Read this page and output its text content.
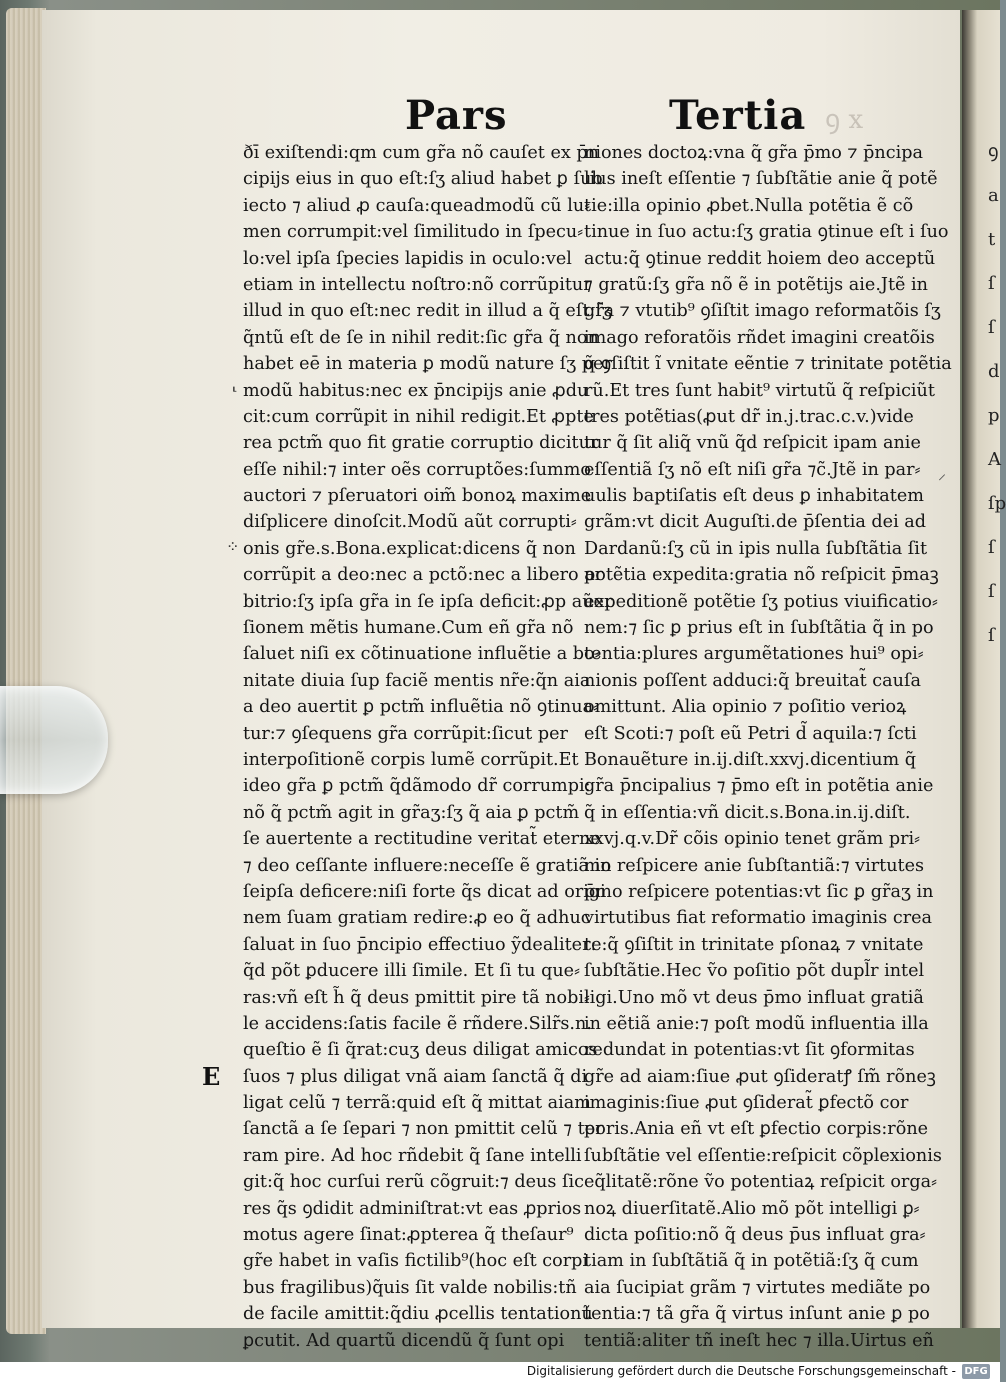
Pars	Tertia ꝯ x
ðī exiſtendi:qm cum gr̃a nõ cauſet ex p̄n
cipijs eius in quo eſt:ſʒ aliud habet ꝑ ſub
iecto ⁊ aliud ꝓ cauſa:queadmodũ cũ lu⸗
men corrumpit:vel ſimilitudo in ſpecu⸗
lo:vel ipſa ſpecies lapidis in oculo:vel
etiam in intellectu noſtro:nõ corrũpitur
illud in quo eſt:nec redit in illud a q̃ eſt:ſʒ
q̃ntũ eſt de ſe in nihil redit:ſic gr̃a q̃ non
habet eē in materia ꝑ modũ nature ſʒ per
modũ habitus:nec ex p̄ncipijs anie ꝓdu
cit:cum corrũpit in nihil redigit.Et ꝓpte
rea pctm̃ quo fit gratie corruptio dicitur
eſſe nihil:⁊ inter oẽs corruptões:ſummo
auctori ⁊ pſeruatori oim̃ bonoꝝ maxime
diſplicere dinoſcit.Modũ aũt corrupti⸗
onis gr̃e.s.Bona.explicat:dicens q̃ non
corrũpit a deo:nec a pctõ:nec a libero ar
bitrio:ſʒ ipſa gr̃a in ſe ipſa deficit:ꝓp aũer
ſionem mẽtis humane.Cum eñ gr̃a nõ
ſaluet niſi ex cõtinuatione influẽtie a bo⸗
nitate diuia ſup faciẽ mentis nr̃e:q̃n aia
a deo auertit ꝑ pctm̃ influẽtia nõ ꝯtinua⸗
tur:⁊ ꝯſequens gr̃a corrũpit:ſicut per
interpoſitionẽ corpis lumẽ corrũpit.Et
ideo gr̃a ꝑ pctm̃ q̃dãmodo dr̃ corrumpi:
nõ q̃ pctm̃ agit in gr̃aʒ:ſʒ q̃ aia ꝑ pctm̃
ſe auertente a rectitudine veritat̃ eterne
⁊ deo ceſſante influere:neceſſe ẽ gratiã in
ſeipſa deficere:niſi forte q̃s dicat ad origi
nem ſuam gratiam redire:ꝓ eo q̃ adhuc
ſaluat in ſuo p̄ncipio effectiuo ỹdealiter:
q̃d põt ꝑducere illi ſimile. Et ſi tu que⸗
ras:vñ eſt h̃ q̃ deus pmittit pire tã nobi⸗
le accidens:ſatis facile ẽ rñdere.Silr̃s.n.
queſtio ẽ ſi q̃rat:cuʒ deus diligat amicos
ſuos ⁊ plus diligat vnã aiam ſanctã q̃ di
ligat celũ ⁊ terrã:quid eſt q̃ mittat aiam
ſanctã a ſe ſepari ⁊ non pmittit celũ ⁊ ter
ram pire. Ad hoc rñdebit q̃ ſane intelli
git:q̃ hoc curſui rerũ cõgruit:⁊ deus ſic
res q̃s ꝯdidit adminiſtrat:vt eas ꝓprios
motus agere ſinat:ꝓpterea q̃ theſaur⁹
gr̃e habet in vaſis fictilib⁹(hoc eſt corpi
bus fragilibus)q̃uis ſit valde nobilis:tñ
de facile amittit:q̃diu ꝓcellis tentationũ
ꝑcutit. Ad quartũ dicendũ q̃ ſunt opi
niones doctoꝝ:vna q̃ gr̃a p̄mo ⁊ p̄ncipa
lius ineſt eſſentie ⁊ ſubſtãtie anie q̃ potẽ
tie:illa opinio ꝓbet.Nulla potẽtia ẽ cõ
tinue in ſuo actu:ſʒ gratia ꝯtinue eſt i ſuo
actu:q̃ ꝯtinue reddit hoiem deo acceptũ
⁊ gratũ:ſʒ gr̃a nõ ẽ in potẽtijs aie.Jtẽ in
gr̃a ⁊ vtutib⁹ ꝯſiſtit imago reformatõis ſʒ
imago reforatõis rñdet imagini creatõis
q̃ ꝯſiſtit ĩ vnitate eẽntie ⁊ trinitate potẽtia
rũ.Et tres ſunt habit⁹ virtutũ q̃ reſpiciũt
tres potẽtias(ꝓut dr̃ in.j.trac.c.v.)vide
tur q̃ ſit aliq̃ vnũ q̃d reſpicit ipam anie
eſſentiã ſʒ nõ eſt niſi gr̃a ⁊c̃.Jtẽ in par⸗
uulis baptiſatis eſt deus ꝑ inhabitatem
grãm:vt dicit Auguſti.de p̄ſentia dei ad
Dardanũ:ſʒ cũ in ipis nulla ſubſtãtia ſit
potẽtia expedita:gratia nõ reſpicit p̄maꝫ
expeditionẽ potẽtie ſʒ potius viuificatio⸗
nem:⁊ ſic ꝑ prius eſt in ſubſtãtia q̃ in po
tentia:plures argumẽtationes hui⁹ opi⸗
nionis poſſent adduci:q̃ breuitat̃ cauſa
omittunt. Alia opinio ⁊ poſitio verioꝝ
eſt Scoti:⁊ poſt eũ Petri d̃ aquila:⁊ ſcti
Bonauẽture in.ij.diſt.xxvj.dicentium q̃
gr̃a p̄ncipalius ⁊ p̄mo eſt in potẽtia anie
q̃ in eſſentia:vñ dicit.s.Bona.in.ij.diſt.
xxvj.q.v.Dr̃ cõis opinio tenet grãm pri⸗
mo reſpicere anie ſubſtantiã:⁊ virtutes
p̄mo reſpicere potentias:vt ſic ꝑ gr̃aʒ in
virtutibus fiat reformatio imaginis crea
te:q̃ ꝯſiſtit in trinitate pſonaꝝ ⁊ vnitate
ſubſtãtie.Hec ṽo poſitio põt dupl̃r intel
ligi.Uno mõ vt deus p̄mo influat gratiã
in eẽtiã anie:⁊ poſt modũ influentia illa
redundat in potentias:vt ſit ꝯformitas
gr̃e ad aiam:ſiue ꝓut ꝯſideratꝭ ſm̃ rõneꝫ
imaginis:ſiue ꝓut ꝯſiderat̃ ꝑfectõ cor
poris.Ania eñ vt eſt ꝑfectio corpis:rõne
ſubſtãtie vel eſſentie:reſpicit cõplexionis
eq̃litatẽ:rõne ṽo potentiaꝝ reſpicit orga⸗
noꝝ diuerſitatẽ.Alio mõ põt intelligi ꝑ⸗
dicta poſitio:nõ q̃ deus p̄us influat gra⸗
tiam in ſubſtãtiã q̃ in potẽtiã:ſʒ q̃ cum
aia ſucipiat grãm ⁊ virtutes mediãte po
tentia:⁊ tã gr̃a q̃ virtus inſunt anie ꝑ po
tentiã:aliter tñ ineſt hec ⁊ illa.Uirtus eñ
⸤
⁘
⸝
E
ꝯ
a
t
ſ
ſ
d
p
A
ſp
ſ
ſ
ſ
Digitalisierung gefördert durch die Deutsche Forschungsgemeinschaft - DFG
